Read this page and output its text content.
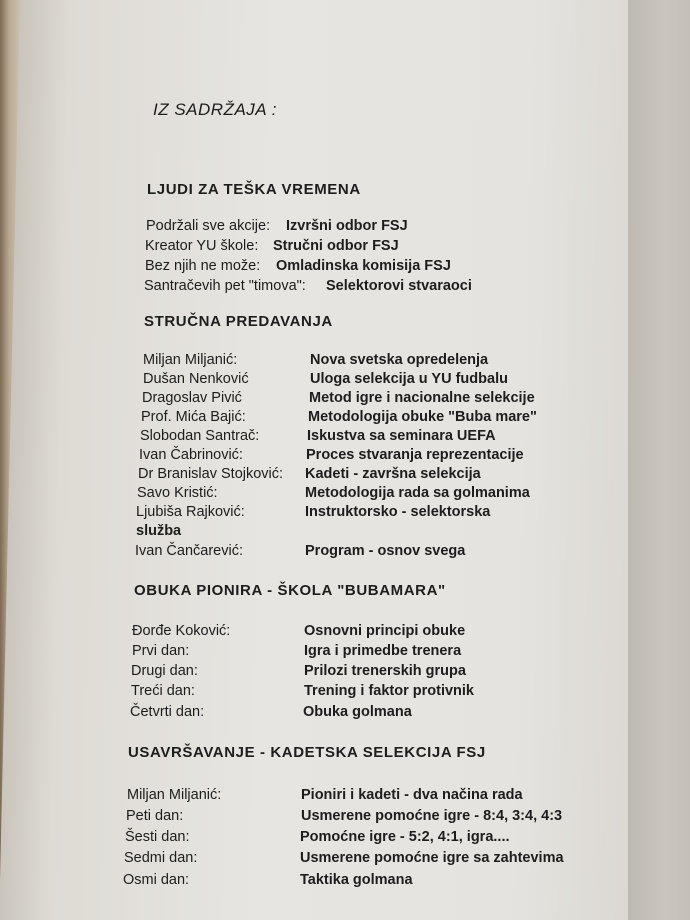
IZ SADRŽAJA :
LJUDI ZA TEŠKA VREMENA
Podržali sve akcije: Izvršni odbor FSJ
Kreator YU škole: Stručni odbor FSJ
Bez njih ne može: Omladinska komisija FSJ
Santračevih pet "timova": Selektorovi stvaraoci
STRUČNA PREDAVANJA
Miljan Miljanić:	Nova svetska opredelenja
Dušan Nenković	Uloga selekcija u YU fudbalu
Dragoslav Pivić	Metod igre i nacionalne selekcije
Prof. Mića Bajić:	Metodologija obuke "Buba mare"
Slobodan Santrač:	Iskustva sa seminara UEFA
Ivan Čabrinović:	Proces stvaranja reprezentacije
Dr Branislav Stojković: Kadeti - završna selekcija
Savo Kristić:	Metodologija rada sa golmanima
Ljubiša Rajković:	Instruktorsko - selektorska
služba
Ivan Čančarević:	Program - osnov svega
OBUKA PIONIRA - ŠKOLA "BUBAMARA"
Đorđe Koković:	Osnovni principi obuke
Prvi dan:	Igra i primedbe trenera
Drugi dan:	Prilozi trenerskih grupa
Treći dan:	Trening i faktor protivnik
Četvrti dan:	Obuka golmana
USAVRŠAVANJE - KADETSKA SELEKCIJA FSJ
Miljan Miljanić:	Pioniri i kadeti - dva načina rada
Peti dan:	Usmerene pomoćne igre - 8:4, 3:4, 4:3
Šesti dan:	Pomoćne igre - 5:2, 4:1, igra....
Sedmi dan:	Usmerene pomoćne igre sa zahtevima
Osmi dan:	Taktika golmana
